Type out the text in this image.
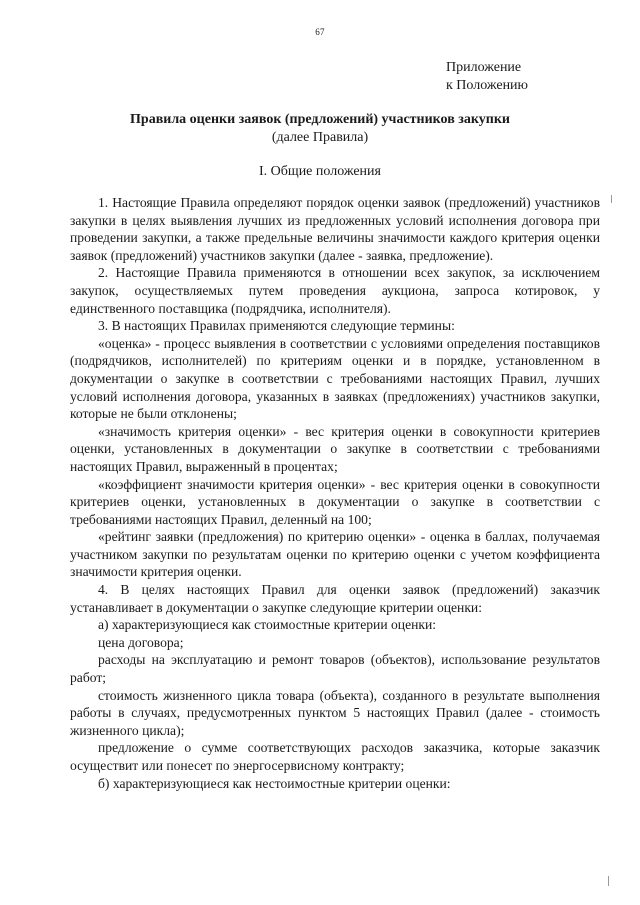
67
Приложение
к Положению
Правила оценки заявок (предложений) участников закупки
(далее Правила)
I. Общие положения

1. Настоящие Правила определяют порядок оценки заявок (предложений) участников закупки в целях выявления лучших из предложенных условий исполнения договора при проведении закупки, а также предельные величины значимости каждого критерия оценки заявок (предложений) участников закупки (далее - заявка, предложение).

2. Настоящие Правила применяются в отношении всех закупок, за исключением закупок, осуществляемых путем проведения аукциона, запроса котировок, у единственного поставщика (подрядчика, исполнителя).

3. В настоящих Правилах применяются следующие термины:

«оценка» - процесс выявления в соответствии с условиями определения поставщиков (подрядчиков, исполнителей) по критериям оценки и в порядке, установленном в документации о закупке в соответствии с требованиями настоящих Правил, лучших условий исполнения договора, указанных в заявках (предложениях) участников закупки, которые не были отклонены;

«значимость критерия оценки» - вес критерия оценки в совокупности критериев оценки, установленных в документации о закупке в соответствии с требованиями настоящих Правил, выраженный в процентах;

«коэффициент значимости критерия оценки» - вес критерия оценки в совокупности критериев оценки, установленных в документации о закупке в соответствии с требованиями настоящих Правил, деленный на 100;

«рейтинг заявки (предложения) по критерию оценки» - оценка в баллах, получаемая участником закупки по результатам оценки по критерию оценки с учетом коэффициента значимости критерия оценки.

4. В целях настоящих Правил для оценки заявок (предложений) заказчик устанавливает в документации о закупке следующие критерии оценки:

а) характеризующиеся как стоимостные критерии оценки:

цена договора;

расходы на эксплуатацию и ремонт товаров (объектов), использование результатов работ;

стоимость жизненного цикла товара (объекта), созданного в результате выполнения работы в случаях, предусмотренных пунктом 5 настоящих Правил (далее - стоимость жизненного цикла);

предложение о сумме соответствующих расходов заказчика, которые заказчик осуществит или понесет по энергосервисному контракту;

б) характеризующиеся как нестоимостные критерии оценки:
